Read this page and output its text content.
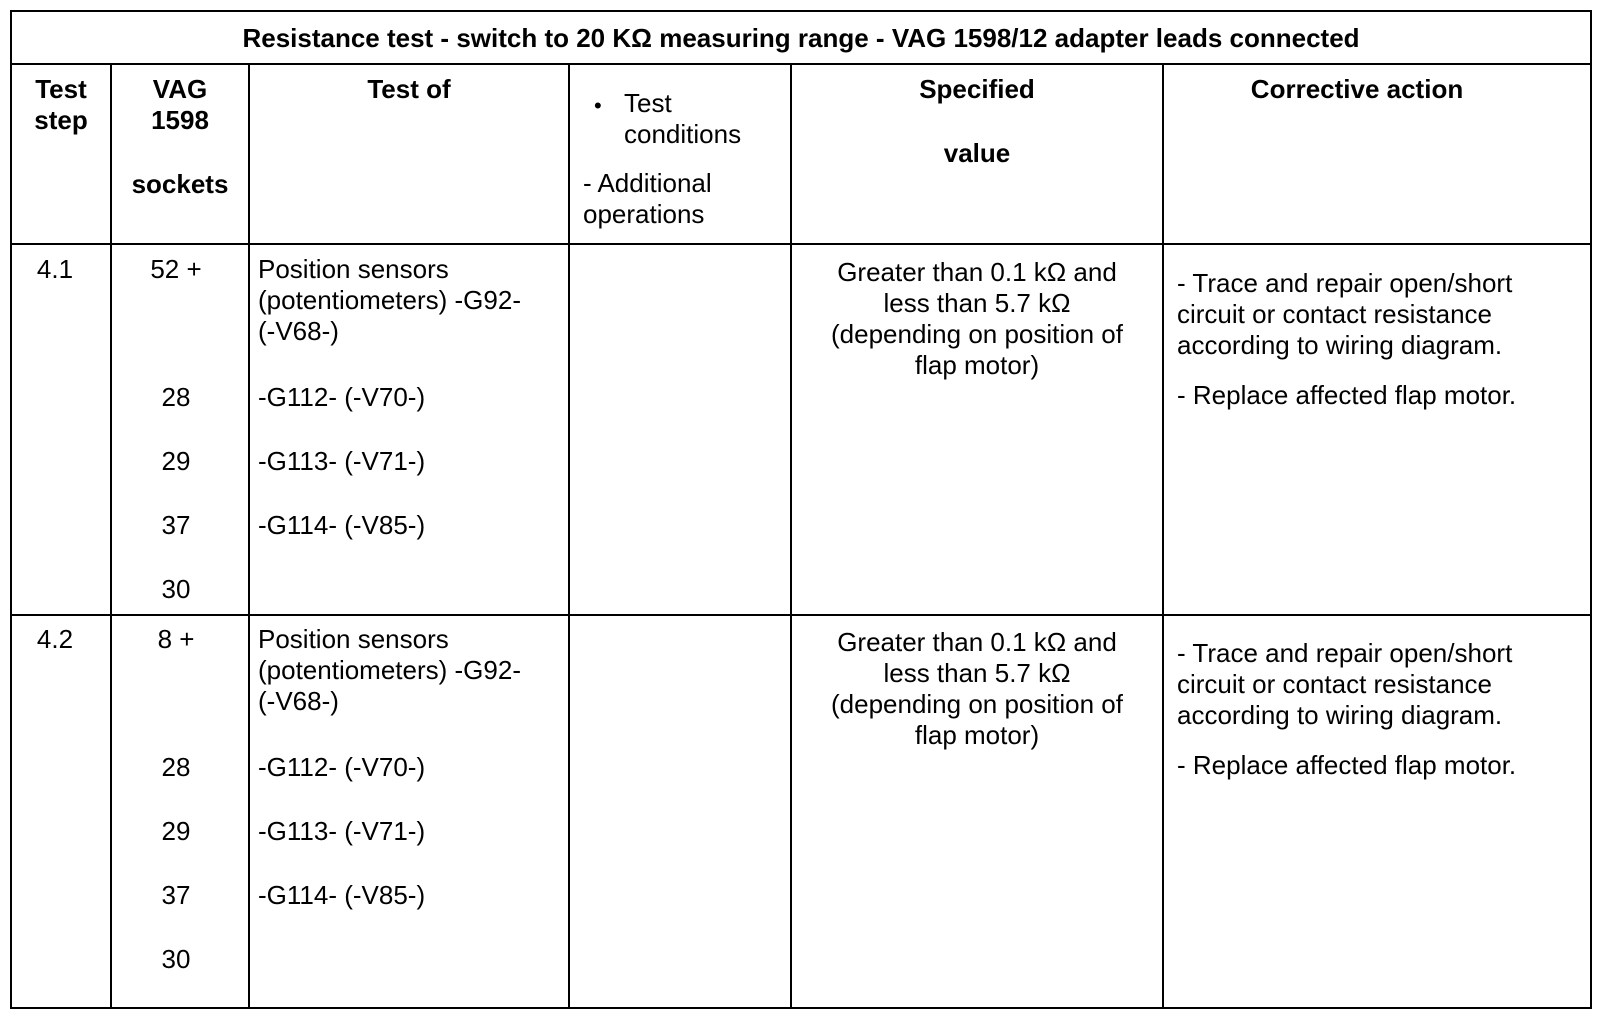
Resistance test - switch to 20 KΩ measuring range - VAG 1598/12 adapter leads connected
Test
step
VAG
1598
sockets
Test of
• Test
conditions
- Additional
operations
Specified
value
Corrective action
4.1	52 +
28
29
37
30
Position sensors
(potentiometers) -G92-
(-V68-)
-G112- (-V70-)
-G113- (-V71-)
-G114- (-V85-)
Greater than 0.1 kΩ and
less than 5.7 kΩ
(depending on position of
flap motor)
- Trace and repair open/short
circuit or contact resistance
according to wiring diagram.
- Replace affected flap motor.
4.2	8 +
28
29
37
30
Position sensors
(potentiometers) -G92-
(-V68-)
-G112- (-V70-)
-G113- (-V71-)
-G114- (-V85-)
Greater than 0.1 kΩ and
less than 5.7 kΩ
(depending on position of
flap motor)
- Trace and repair open/short
circuit or contact resistance
according to wiring diagram.
- Replace affected flap motor.
